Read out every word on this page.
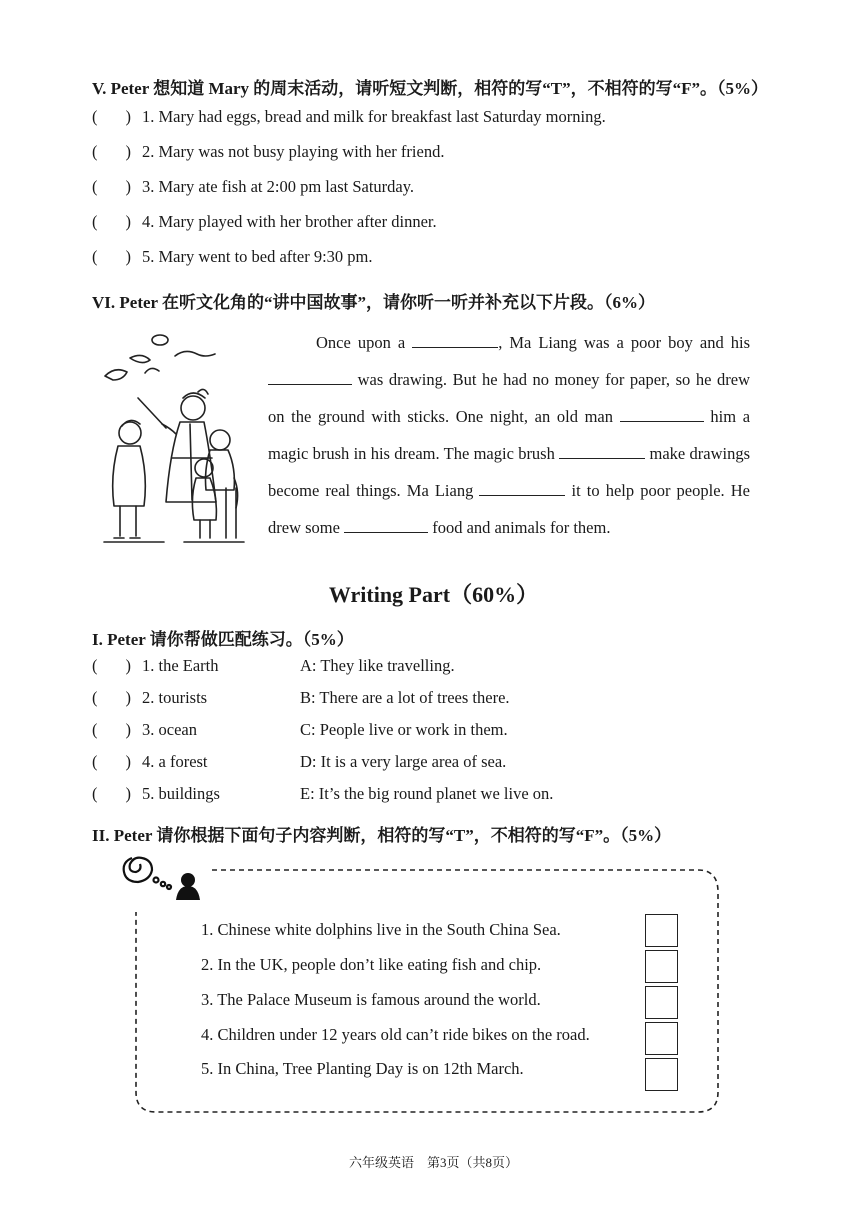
V. Peter 想知道 Mary 的周末活动，请听短文判断，相符的写“T”，不相符的写“F”。（5%）
( ) 1. Mary had eggs, bread and milk for breakfast last Saturday morning.
( ) 2. Mary was not busy playing with her friend.
( ) 3. Mary ate fish at 2:00 pm last Saturday.
( ) 4. Mary played with her brother after dinner.
( ) 5. Mary went to bed after 9:30 pm.
VI. Peter 在听文化角的“讲中国故事”，请你听一听并补充以下片段。（6%）
Once upon a	, Ma Liang was a poor boy and his  was drawing. But he had no money for paper, so he drew on the ground with sticks. One night, an old man	him a magic brush in his dream. The magic brush	make drawings become real things. Ma Liang	it to help poor people. He drew some	food and animals for them.
Writing Part（60%）
I. Peter 请你帮做匹配练习。（5%）
( ) 1. the Earth	A: They like travelling.
( ) 2. tourists	B: There are a lot of trees there.
( ) 3. ocean	C: People live or work in them.
( ) 4. a forest	D: It is a very large area of sea.
( ) 5. buildings	E: It’s the big round planet we live on.
II. Peter 请你根据下面句子内容判断，相符的写“T”，不相符的写“F”。（5%）
1. Chinese white dolphins live in the South China Sea.
2. In the UK, people don’t like eating fish and chip.
3. The Palace Museum is famous around the world.
4. Children under 12 years old can’t ride bikes on the road.
5. In China, Tree Planting Day is on 12th March.
六年级英语　第3页（共8页）
